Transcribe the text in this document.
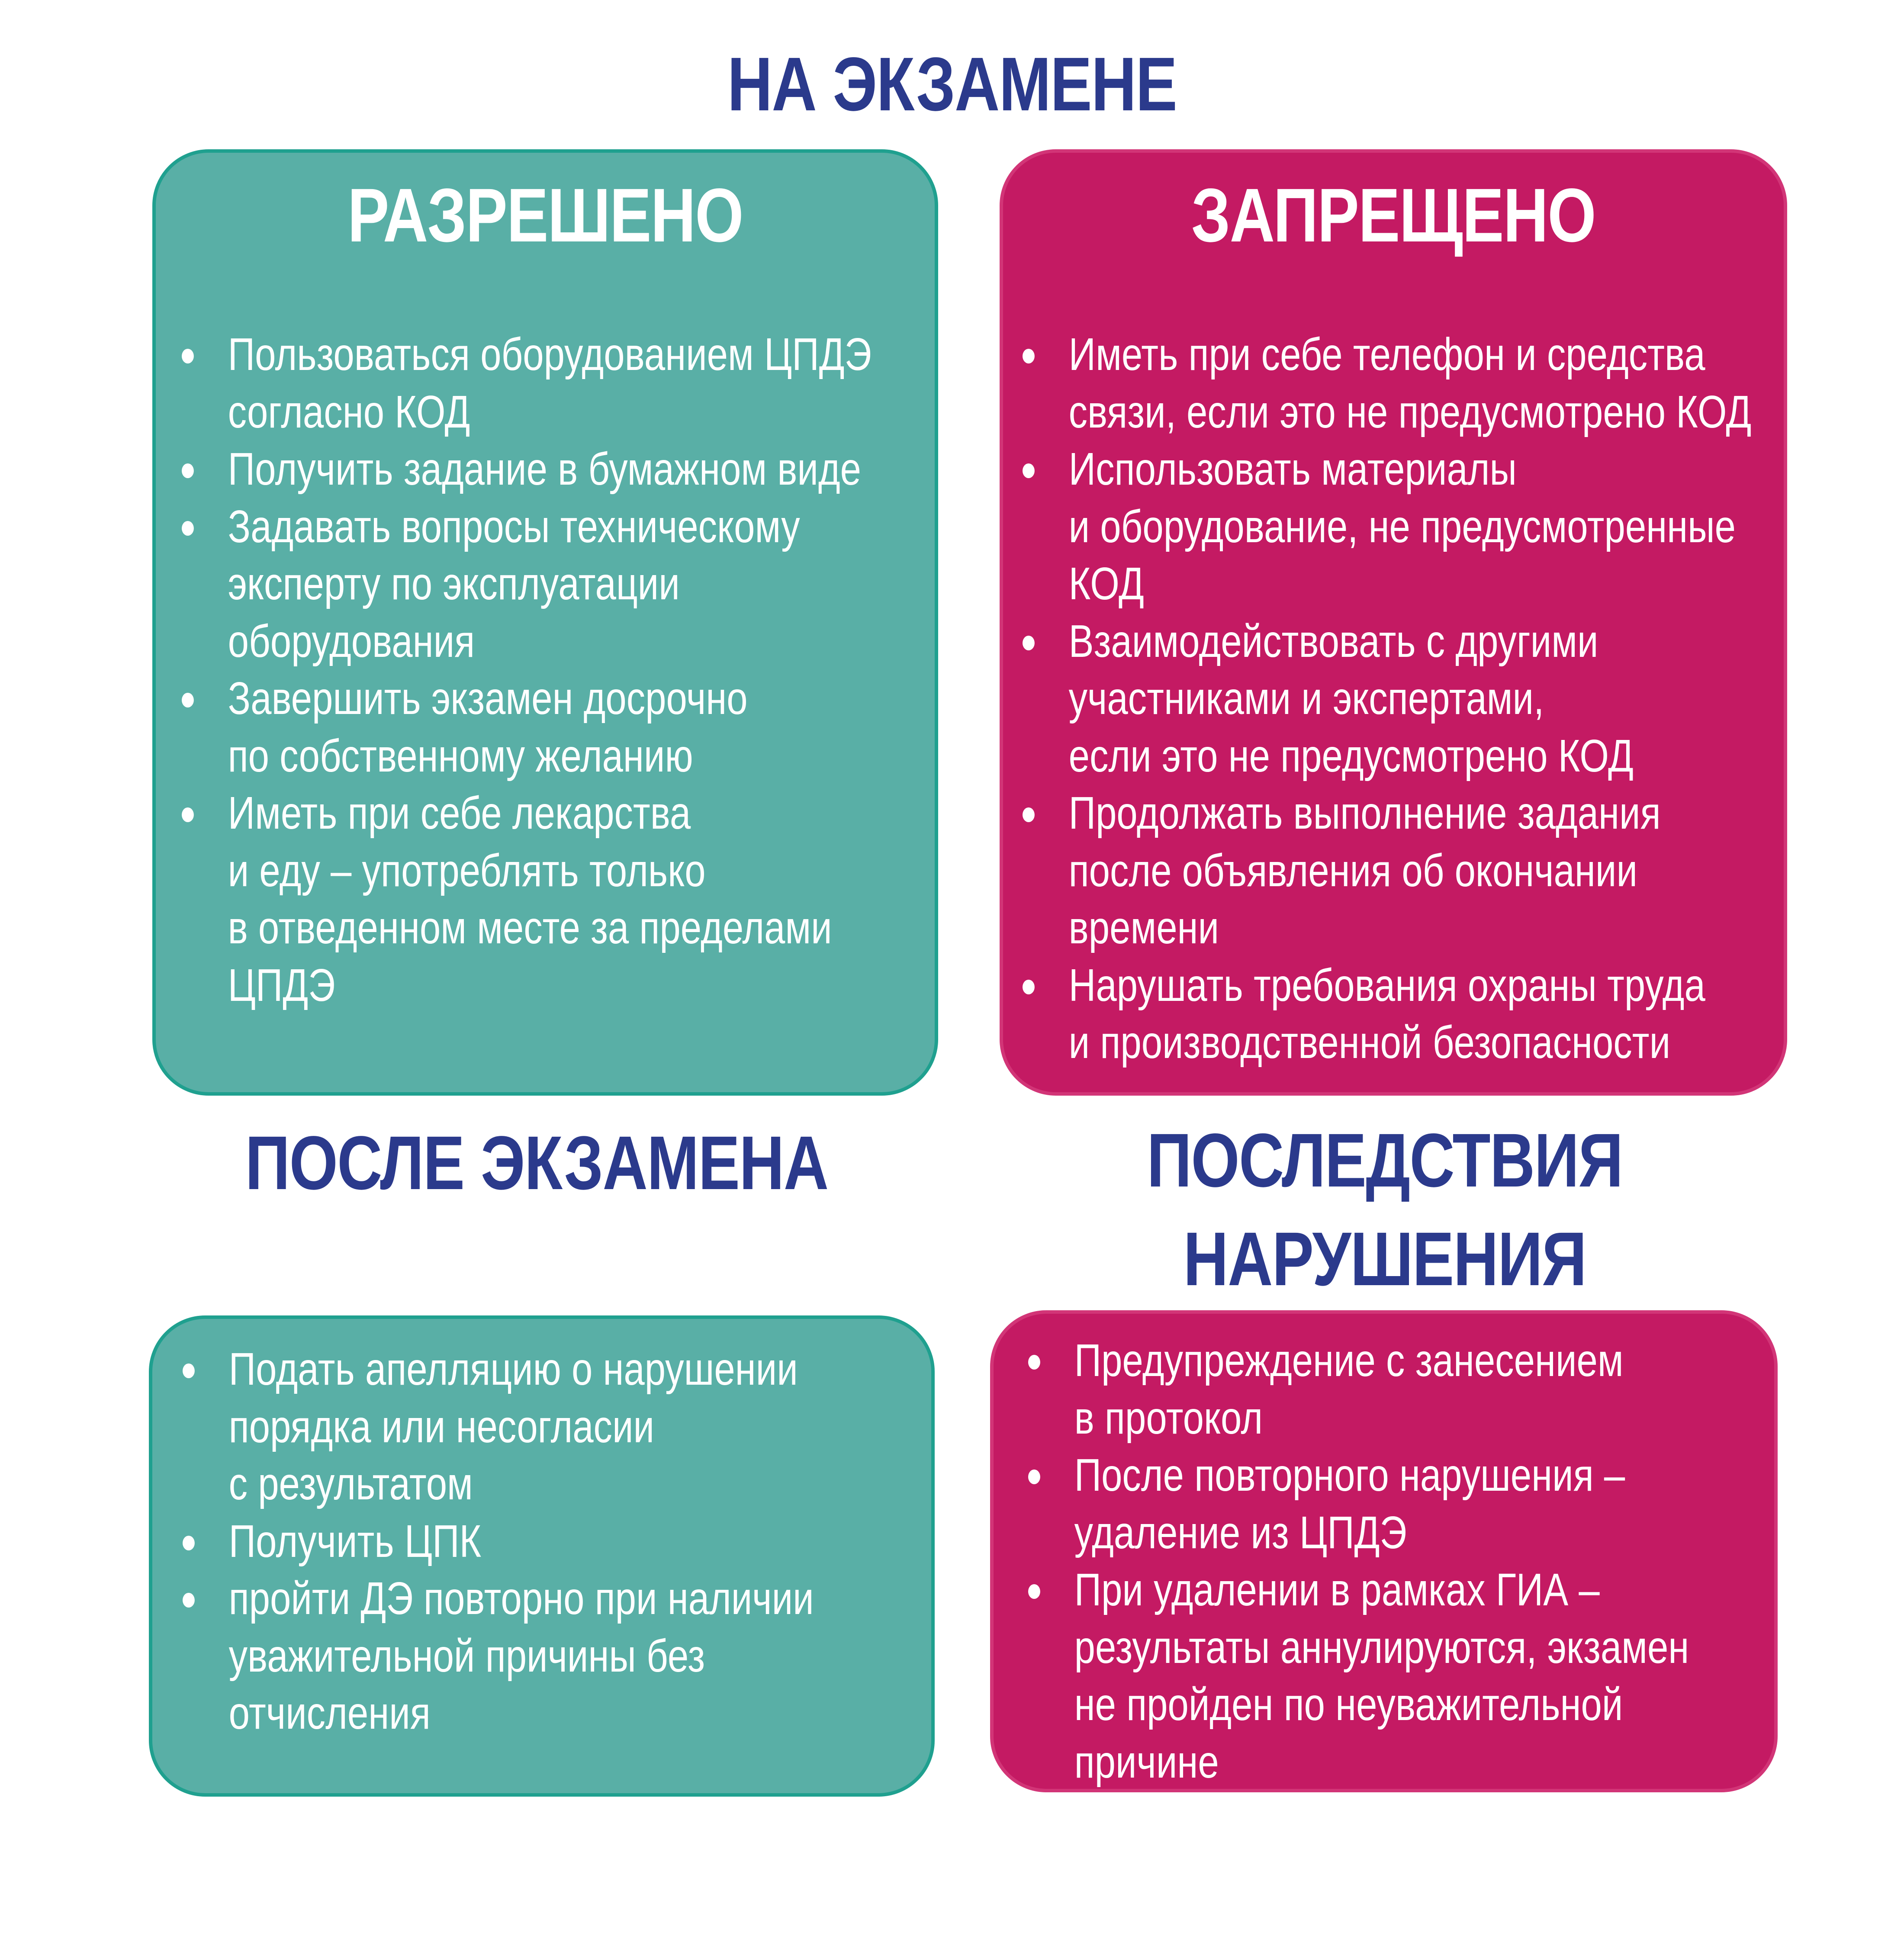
НА ЭКЗАМЕНЕ
РАЗРЕШЕНО
Пользоваться оборудованием ЦПДЭ
согласно КОД
Получить задание в бумажном виде
Задавать вопросы техническому
эксперту по эксплуатации
оборудования
Завершить экзамен досрочно
по собственному желанию
Иметь при себе лекарства
и еду – употреблять только
в отведенном месте за пределами
ЦПДЭ
ЗАПРЕЩЕНО
Иметь при себе телефон и средства
связи, если это не предусмотрено КОД
Использовать материалы
и оборудование, не предусмотренные
КОД
Взаимодействовать с другими
участниками и экспертами,
если это не предусмотрено КОД
Продолжать выполнение задания
после объявления об окончании
времени
Нарушать требования охраны труда
и производственной безопасности
ПОСЛЕ ЭКЗАМЕНА	ПОСЛЕДСТВИЯ
НАРУШЕНИЯ
Подать апелляцию о нарушении
порядка или несогласии
с результатом
Получить ЦПК
пройти ДЭ повторно при наличии
уважительной причины без
отчисления
Предупреждение с занесением
в протокол
После повторного нарушения –
удаление из ЦПДЭ
При удалении в рамках ГИА –
результаты аннулируются, экзамен
не пройден по неуважительной
причине
